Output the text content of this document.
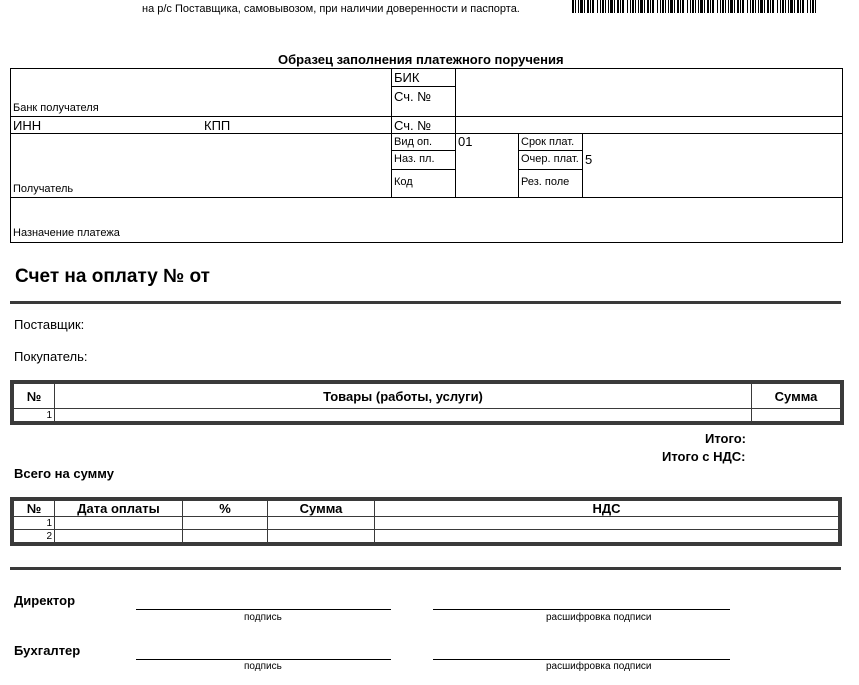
на р/с Поставщика, самовывозом, при наличии доверенности и паспорта.
Образец заполнения платежного поручения
Банк получателя
БИК
Сч. №
ИНН	КПП	Сч. №
Получатель
Вид оп. 01
Наз. пл.
Код
Срок плат.
Очер. плат. 5
Рез. поле
Назначение платежа
Счет на оплату № от
Поставщик:
Покупатель:
№	Товары (работы, услуги)	Сумма
1		
Итого:
Итого с НДС:
Всего на сумму
№	Дата оплаты	%	Сумма	НДС
1				
2				
Директор
подпись	расшифровка подписи
Бухгалтер
подпись	расшифровка подписи
